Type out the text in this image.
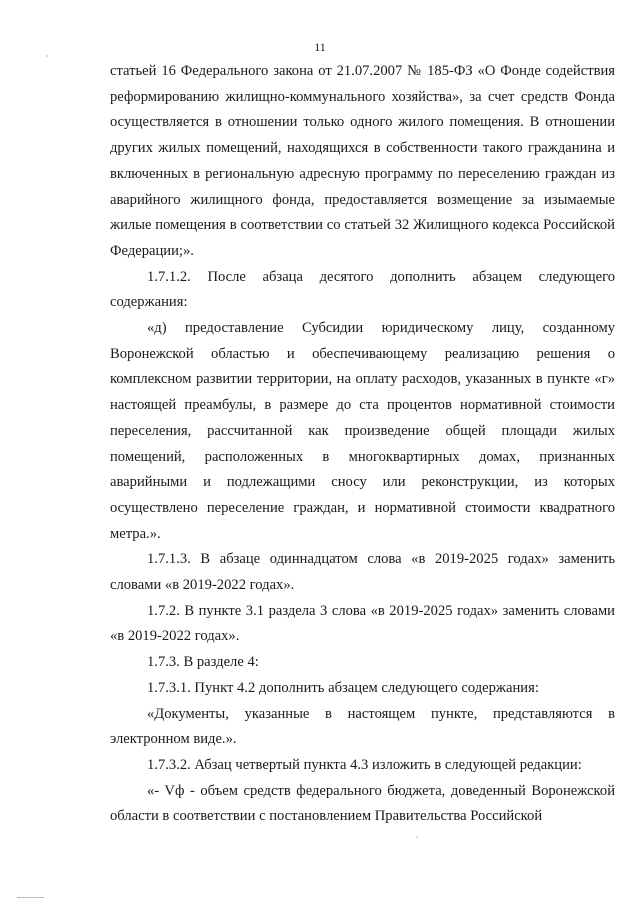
11

статьей 16 Федерального закона от 21.07.2007 № 185-ФЗ «О Фонде содействия реформированию жилищно-коммунального хозяйства», за счет средств Фонда осуществляется в отношении только одного жилого помещения. В отношении других жилых помещений, находящихся в собственности такого гражданина и включенных в региональную адресную программу по переселению граждан из аварийного жилищного фонда, предоставляется возмещение за изымаемые жилые помещения в соответствии со статьей 32 Жилищного кодекса Российской Федерации;».

1.7.1.2. После абзаца десятого дополнить абзацем следующего содержания:

«д) предоставление Субсидии юридическому лицу, созданному Воронежской областью и обеспечивающему реализацию решения о комплексном развитии территории, на оплату расходов, указанных в пункте «г» настоящей преамбулы, в размере до ста процентов нормативной стоимости переселения, рассчитанной как произведение общей площади жилых помещений, расположенных в многоквартирных домах, признанных аварийными и подлежащими сносу или реконструкции, из которых осуществлено переселение граждан, и нормативной стоимости квадратного метра.».

1.7.1.3. В абзаце одиннадцатом слова «в 2019-2025 годах» заменить словами «в 2019-2022 годах».

1.7.2. В пункте 3.1 раздела 3 слова «в 2019-2025 годах» заменить словами «в 2019-2022 годах».

1.7.3. В разделе 4:

1.7.3.1. Пункт 4.2 дополнить абзацем следующего содержания:

«Документы, указанные в настоящем пункте, представляются в электронном виде.».

1.7.3.2. Абзац четвертый пункта 4.3 изложить в следующей редакции:

«- Vф - объем средств федерального бюджета, доведенный Воронежской области в соответствии с постановлением Правительства Российской
